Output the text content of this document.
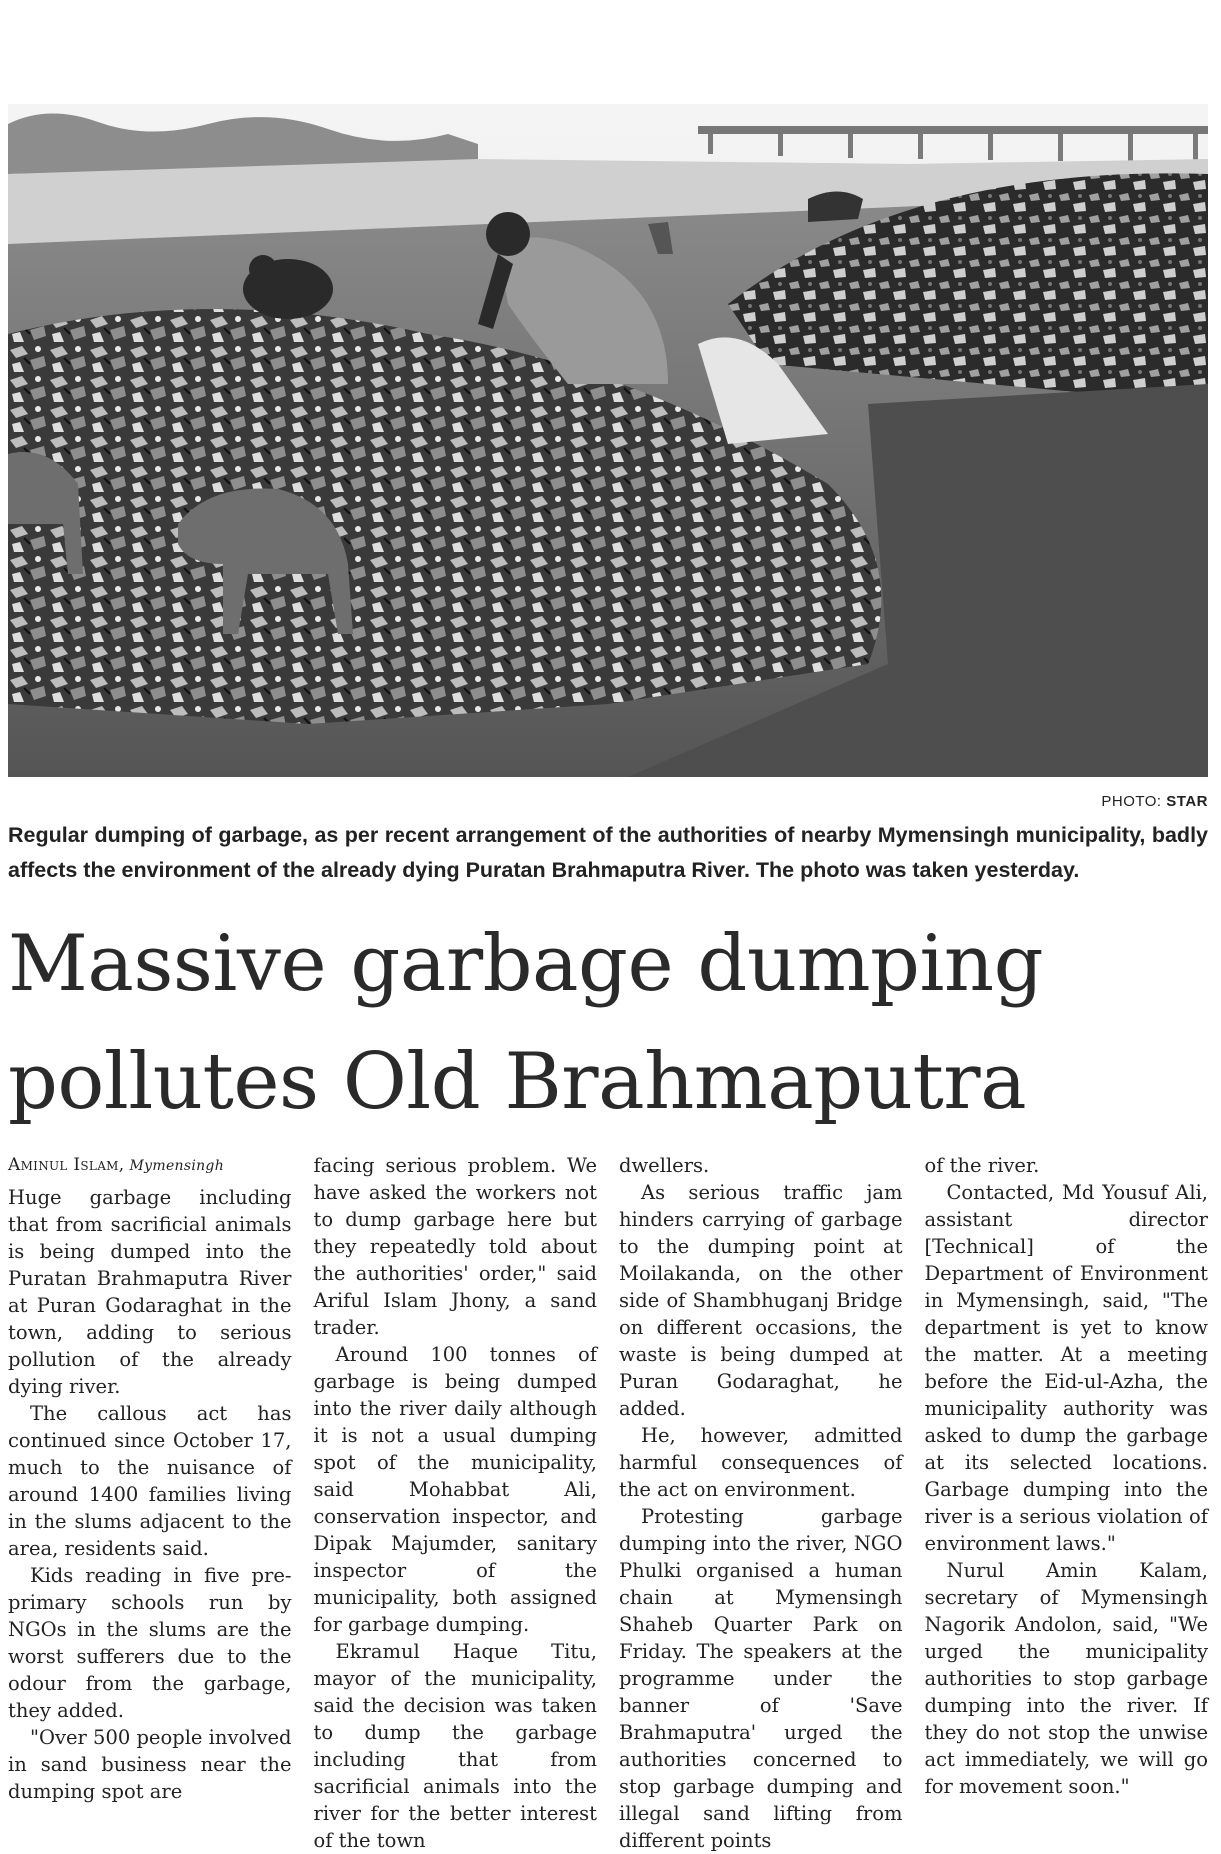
PHOTO: STAR
Regular dumping of garbage, as per recent arrangement of the authorities of nearby Mymensingh municipality, badly affects the environment of the already dying Puratan Brahmaputra River. The photo was taken yesterday.
Massive garbage dumping
pollutes Old Brahmaputra
Aminul Islam, Mymensingh

Huge garbage including that from sacrificial animals is being dumped into the Puratan Brahmaputra River at Puran Godaraghat in the town, adding to serious pollution of the already dying river.

The callous act has continued since October 17, much to the nuisance of around 1400 families living in the slums adjacent to the area, residents said.

Kids reading in five pre-primary schools run by NGOs in the slums are the worst sufferers due to the odour from the garbage, they added.

"Over 500 people involved in sand business near the dumping spot are

facing serious problem. We have asked the workers not to dump garbage here but they repeatedly told about the authorities' order," said Ariful Islam Jhony, a sand trader.

Around 100 tonnes of garbage is being dumped into the river daily although it is not a usual dumping spot of the municipality, said Mohabbat Ali, conservation inspector, and Dipak Majumder, sanitary inspector of the municipality, both assigned for garbage dumping.

Ekramul Haque Titu, mayor of the municipality, said the decision was taken to dump the garbage including that from sacrificial animals into the river for the better interest of the town

dwellers.

As serious traffic jam hinders carrying of garbage to the dumping point at Moilakanda, on the other side of Shambhuganj Bridge on different occasions, the waste is being dumped at Puran Godaraghat, he added.

He, however, admitted harmful consequences of the act on environment.

Protesting garbage dumping into the river, NGO Phulki organised a human chain at Mymensingh Shaheb Quarter Park on Friday. The speakers at the programme under the banner of 'Save Brahmaputra' urged the authorities concerned to stop garbage dumping and illegal sand lifting from different points

of the river.

Contacted, Md Yousuf Ali, assistant director [Technical] of the Department of Environment in Mymensingh, said, "The department is yet to know the matter. At a meeting before the Eid-ul-Azha, the municipality authority was asked to dump the garbage at its selected locations. Garbage dumping into the river is a serious violation of environment laws."

Nurul Amin Kalam, secretary of Mymensingh Nagorik Andolon, said, "We urged the municipality authorities to stop garbage dumping into the river. If they do not stop the unwise act immediately, we will go for movement soon."
